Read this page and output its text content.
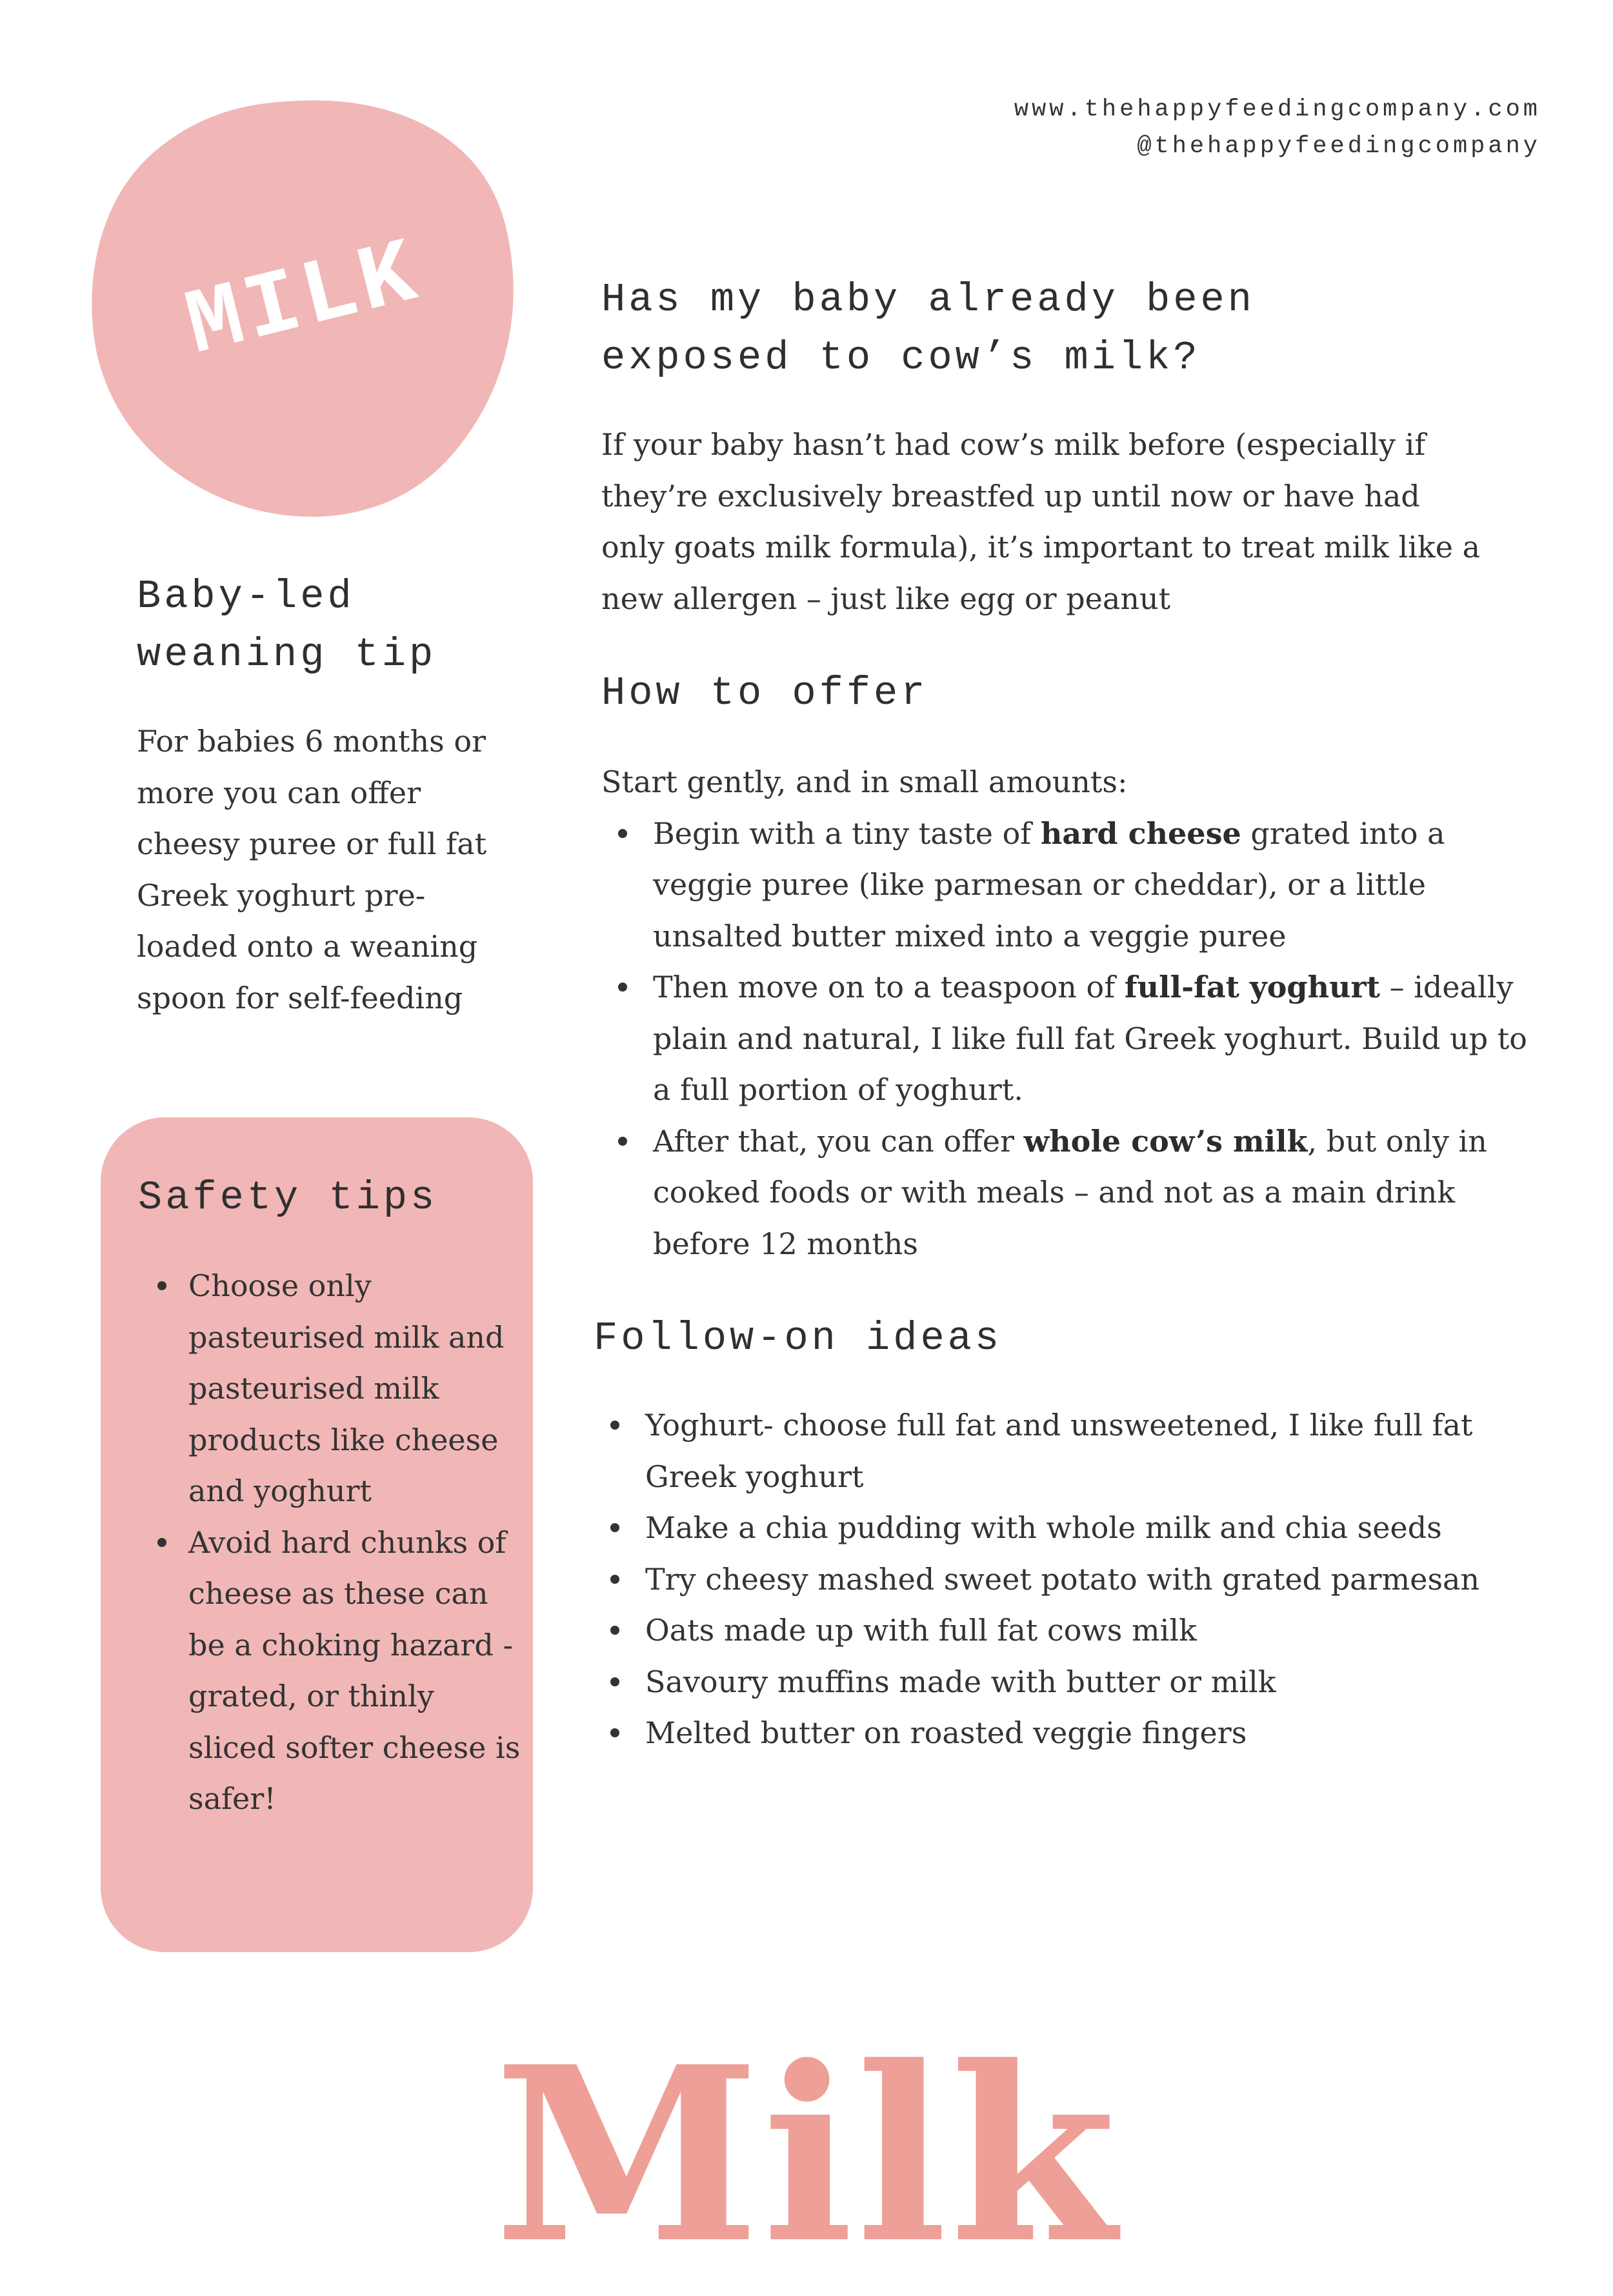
www.thehappyfeedingcompany.com
@thehappyfeedingcompany
MILK
Baby-led
weaning tip

For babies 6 months or more you can offer cheesy puree or full fat Greek yoghurt pre-loaded onto a weaning spoon for self-feeding

Safety tips
Choose only pasteurised milk and pasteurised milk products like cheese and yoghurt
Avoid hard chunks of cheese as these can be a choking hazard - grated, or thinly sliced softer cheese is safer!
Has my baby already been
exposed to cow’s milk?

If your baby hasn’t had cow’s milk before (especially if they’re exclusively breastfed up until now or have had only goats milk formula), it’s important to treat milk like a new allergen – just like egg or peanut

How to offer

Start gently, and in small amounts:

Begin with a tiny taste of hard cheese grated into a veggie puree (like parmesan or cheddar), or a little unsalted butter mixed into a veggie puree
Then move on to a teaspoon of full-fat yoghurt – ideally plain and natural, I like full fat Greek yoghurt. Build up to a full portion of yoghurt.
After that, you can offer whole cow’s milk, but only in cooked foods or with meals – and not as a main drink before 12 months
Follow-on ideas
Yoghurt- choose full fat and unsweetened, I like full fat Greek yoghurt
Make a chia pudding with whole milk and chia seeds
Try cheesy mashed sweet potato with grated parmesan
Oats made up with full fat cows milk
Savoury muffins made with butter or milk
Melted butter on roasted veggie fingers
Milk
